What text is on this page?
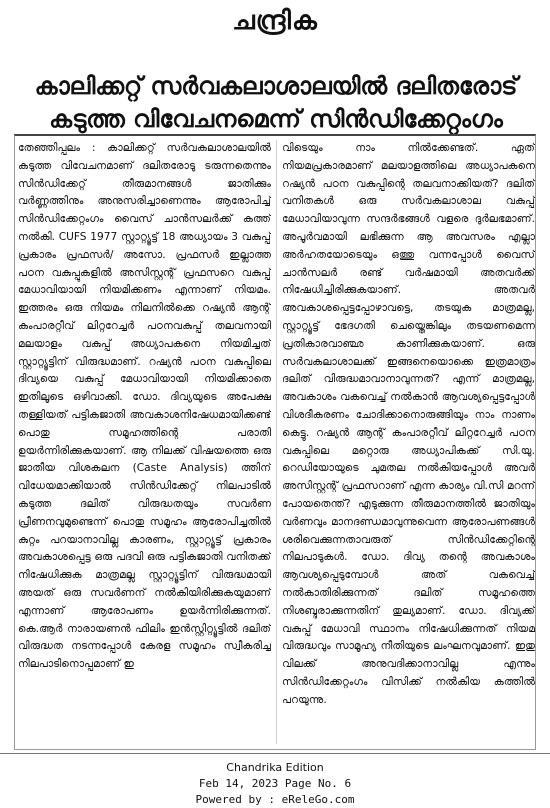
ചന്ദ്രിക
കാലിക്കറ്റ് സർവകലാശാലയിൽ ദലിതരോട്
കടുത്ത വിവേചനമെന്ന് സിൻഡിക്കേറ്റംഗം

തേഞ്ഞിപ്പലം : കാലിക്കറ്റ് സർവകലാശാലയിൽ കടുത്ത വിവേചനമാണ് ദലിതരോടു ടരുന്നതെന്നും സിൻഡിക്കേറ്റ് തീരുമാനങ്ങൾ ജാതിക്കും വർണ്ണത്തിനും അനുസരിച്ചാണെന്നും ആരോപിച്ച് സിൻഡിക്കേറ്റംഗം വൈസ് ചാൻസലർക്ക് കത്ത് നൽകി. CUFS 1977 സ്റ്റാറ്റ്യൂട്ട് 18 അധ്യായം 3 വകുപ്പ് പ്രകാരം പ്രഫസർ/ അസോ. പ്രഫസർ ഇല്ലാത്ത പഠന വകുപ്പുകളിൽ അസിസ്റ്റന്റ് പ്രഫസറെ വകുപ്പ് മേധാവിയായി നിയമിക്കണം എന്നാണ് നിയമം. ഇത്തരം ഒരു നിയമം നിലനിൽക്കെ റഷ്യൻ ആന്റ് കംപാരറ്റീവ് ലിറ്ററേച്ചർ പഠനവകുപ്പ് തലവനായി മലയാളം വകുപ്പ് അധ്യാപകനെ നിയമിച്ചത് സ്റ്റാറ്റ്യൂട്ടിന് വിരുദ്ധമാണ്. റഷ്യൻ പഠന വകുപ്പിലെ ദിവ്യയെ വകുപ്പ് മേധാവിയായി നിയമിക്കാതെ ഇതിലൂടെ ഒഴിവാക്കി. ഡോ. ദിവ്യയുടെ അപേക്ഷ തള്ളിയത് പട്ടികജാതി അവകാശനിഷേധമായിക്കണ്ട് പൊതു സമൂഹത്തിന്റെ പരാതി ഉയർന്നിരിക്കുകയാണ്. ആ നിലക്ക് വിഷയത്തെ ഒരു ജാതീയ വിശകലന (Caste Analysis) ത്തിന് വിധേയമാക്കിയാൽ സിൻഡിക്കേറ്റ് നിലപാടിൽ കടുത്ത ദലിത് വിരുദ്ധതയും സവർണ പ്രീണനവുമുണ്ടെന്ന് പൊതു സമൂഹം ആരോപിച്ചതിൽ കുറ്റം പറയാനാവില്ല കാരണം, സ്റ്റാറ്റ്യൂട്ട് പ്രകാരം അവകാശപ്പെട്ട ഒരു പദവി ഒരു പട്ടികജാതി വനിതക്ക് നിഷേധിക്കുക മാത്രമല്ല സ്റ്റാറ്റ്യൂട്ടിന് വിരുദ്ധമായി അയത് ഒരു സവർണന് നൽകിയിരിക്കുകയുമാണ് എന്നാണ് ആരോപണം ഉയർന്നിരിക്കുന്നത്. കെ.ആർ നാരായണൻ ഫിലിം ഇൻസ്റ്റിറ്റ്യൂട്ടിൽ ദലിത് വിരുദ്ധത നടന്നപ്പോൾ കേരള സമൂഹം സ്വീകരിച്ച നിലപാടിനൊപ്പമാണ് ഇ

വിടെയും നാം നിൽക്കേണ്ടത്. ഏത് നിയമപ്രകാരമാണ് മലയാളത്തിലെ അധ്യാപകനെ റഷ്യൻ പഠന വകുപ്പിന്റെ തലവനാക്കിയത്? ദലിത് വനിതകൾ ഒരു സർവകലാശാല വകുപ്പ് മേധാവിയാവുന്ന സന്ദർഭങ്ങൾ വളരെ ദുർലഭമാണ്. അപൂർവമായി ലഭിക്കുന്ന ആ അവസരം എല്ലാ അർഹതയോടെയും ഒത്തു വന്നപ്പോൾ വൈസ് ചാൻസലർ രണ്ട് വർഷമായി അതവർക്ക് നിഷേധിച്ചിരിക്കുകയാണ്. അതവർ അവകാശപ്പെട്ടപ്പോഴാവട്ടെ, തടയുക മാത്രമല്ല, സ്റ്റാറ്റ്യൂട്ട് ഭേദഗതി ചെയ്തെങ്കിലും തടയണമെന്ന പ്രതികാരവാഞ്ഛ കാണിക്കുകയാണ്. ഒരു സർവകലാശാലക്ക് ഇങ്ങനെയൊക്കെ ഇത്രമാത്രം ദലിത് വിരുദ്ധമാവാനാവുന്നത്? എന്ന് മാത്രമല്ല, അവകാശം വകവെച്ച് നൽകാൻ ആവശ്യപ്പെട്ടപ്പോൾ വിശദീകരണം ചോദിക്കാനൊരുങ്ങിയും നാം നാണം കെട്ടു. റഷ്യൻ ആന്റ് കംപാരറ്റീവ് ലിറ്ററേച്ചർ പഠന വകുപ്പിലെ മറ്റൊരു അധ്യാപികക്ക് സി.യു. റെഡിയോയുടെ ചുമതല നൽകിയപ്പോൾ അവർ അസിസ്റ്റന്റ് പ്രഫസറാണ് എന്ന കാര്യം വി.സി മറന്ന് പോയതെന്ത്? എടുക്കുന്ന തീരുമാനത്തിൽ ജാതിയും വർണവും മാനദണ്ഡമാവുന്നുവെന്ന ആരോപണങ്ങൾ ശരിവെക്കുന്നതാവരുത് സിൻഡിക്കേറ്റിന്റെ നിലപാടുകൾ. ഡോ. ദിവ്യ തന്റെ അവകാശം ആവശ്യപ്പെടുമ്പോൾ അത് വകവെച്ച് നൽകാതിരിക്കുന്നത് ദലിത് സമൂഹത്തെ നിശബ്ദരാക്കുന്നതിന് തുല്യമാണ്. ഡോ. ദിവ്യക്ക് വകുപ്പ് മേധാവി സ്ഥാനം നിഷേധിക്കുന്നത് നിയമ വിരുദ്ധവും സാമൂഹ്യ നീതിയുടെ ലംഘനവുമാണ്. ഇതു വിലക്ക് അനുവദിക്കാനാവില്ല എന്നും സിൻഡിക്കേറ്റംഗം വിസിക്ക് നൽകിയ കത്തിൽ പറയുന്നു.

Chandrika Edition
Feb 14, 2023 Page No. 6
Powered by : eReleGo.com
